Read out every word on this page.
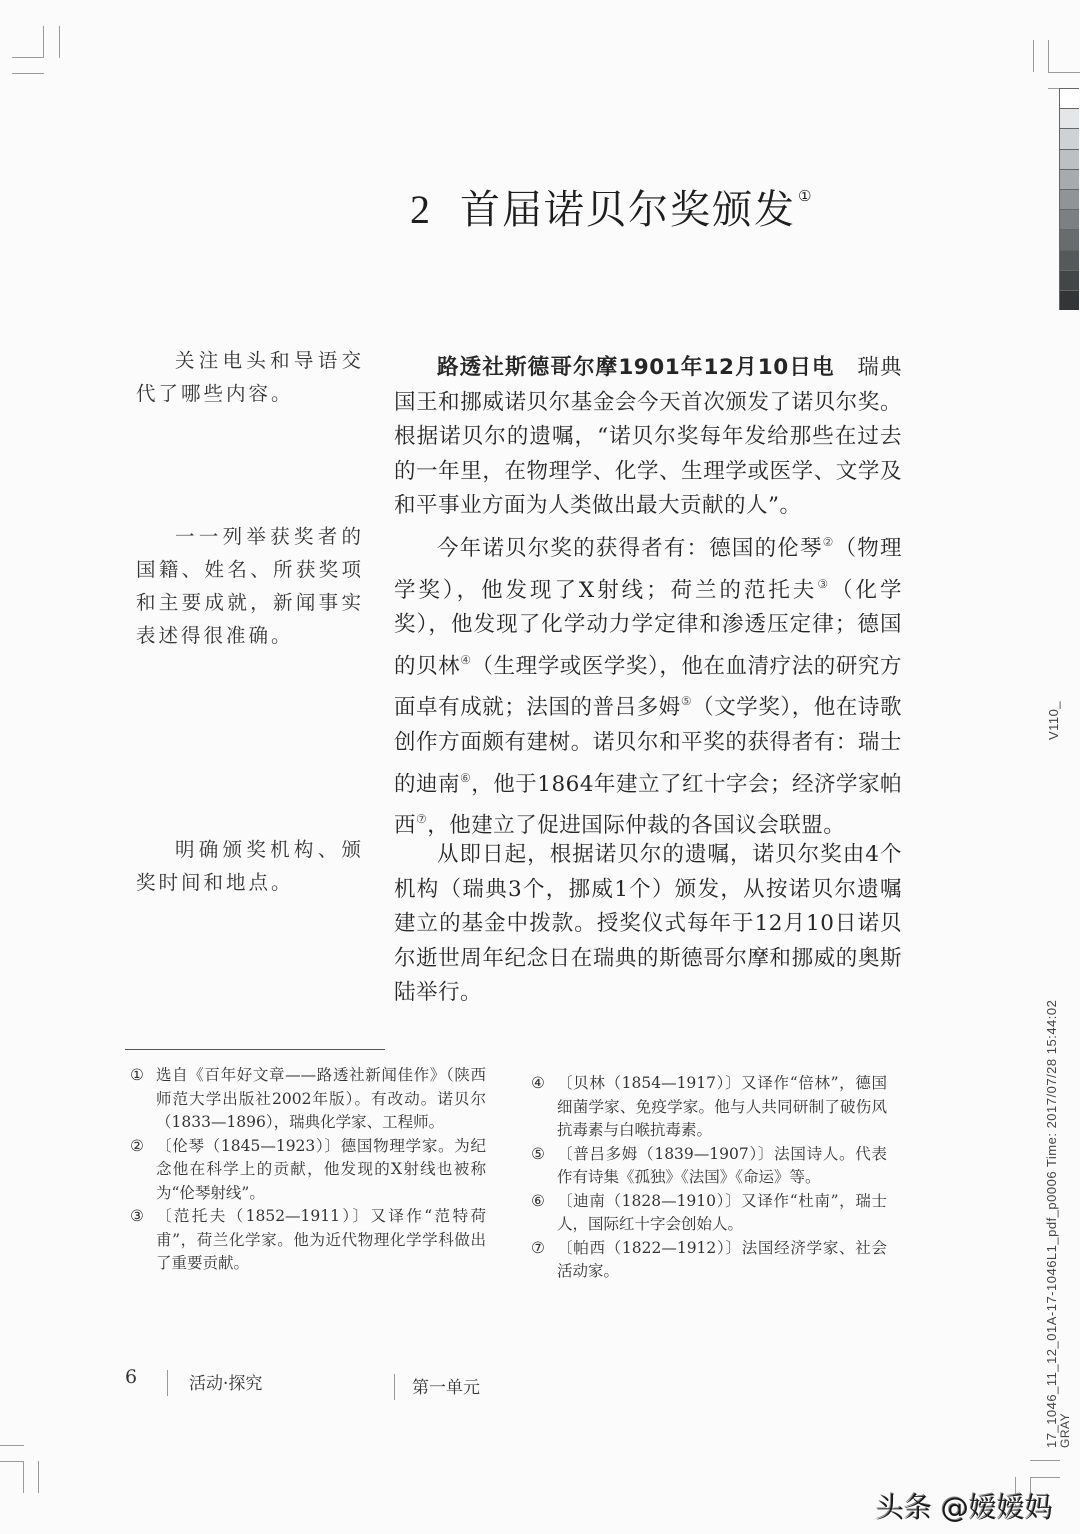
2 首届诺贝尔奖颁发 ①
关注电头和导语交代了哪些内容。
一一列举获奖者的国籍、姓名、所获奖项和主要成就，新闻事实表述得很准确。
明确颁奖机构、颁奖时间和地点。

路透社斯德哥尔摩1901年12月10日电　瑞典国王和挪威诺贝尔基金会今天首次颁发了诺贝尔奖。根据诺贝尔的遗嘱，“诺贝尔奖每年发给那些在过去的一年里，在物理学、化学、生理学或医学、文学及和平事业方面为人类做出最大贡献的人”。

今年诺贝尔奖的获得者有：德国的伦琴②（物理学奖），他发现了X射线；荷兰的范托夫③（化学奖），他发现了化学动力学定律和渗透压定律；德国的贝林④（生理学或医学奖），他在血清疗法的研究方面卓有成就；法国的普吕多姆⑤（文学奖），他在诗歌创作方面颇有建树。诺贝尔和平奖的获得者有：瑞士的迪南⑥，他于1864年建立了红十字会；经济学家帕西⑦，他建立了促进国际仲裁的各国议会联盟。

从即日起，根据诺贝尔的遗嘱，诺贝尔奖由4个机构（瑞典3个，挪威1个）颁发，从按诺贝尔遗嘱建立的基金中拨款。授奖仪式每年于12月10日诺贝尔逝世周年纪念日在瑞典的斯德哥尔摩和挪威的奥斯陆举行。

① 选自《百年好文章——路透社新闻佳作》（陕西师范大学出版社2002年版）。有改动。诺贝尔（1833—1896），瑞典化学家、工程师。
② 〔伦琴（1845—1923）〕德国物理学家。为纪念他在科学上的贡献，他发现的X射线也被称为“伦琴射线”。
③ 〔范托夫（1852—1911）〕又译作“范特荷甫”，荷兰化学家。他为近代物理化学学科做出了重要贡献。
④ 〔贝林（1854—1917）〕又译作“倍林”，德国细菌学家、免疫学家。他与人共同研制了破伤风抗毒素与白喉抗毒素。
⑤ 〔普吕多姆（1839—1907）〕法国诗人。代表作有诗集《孤独》《法国》《命运》等。
⑥ 〔迪南（1828—1910）〕又译作“杜南”，瑞士人，国际红十字会创始人。
⑦ 〔帕西（1822—1912）〕法国经济学家、社会活动家。
6	活动·探究	第一单元
V110_
17_1046_11_12_01A-17-1046L1_pdf_p0006 Time: 2017/07/28 15:44:02 GRAY
头条 @嫒嫒妈
